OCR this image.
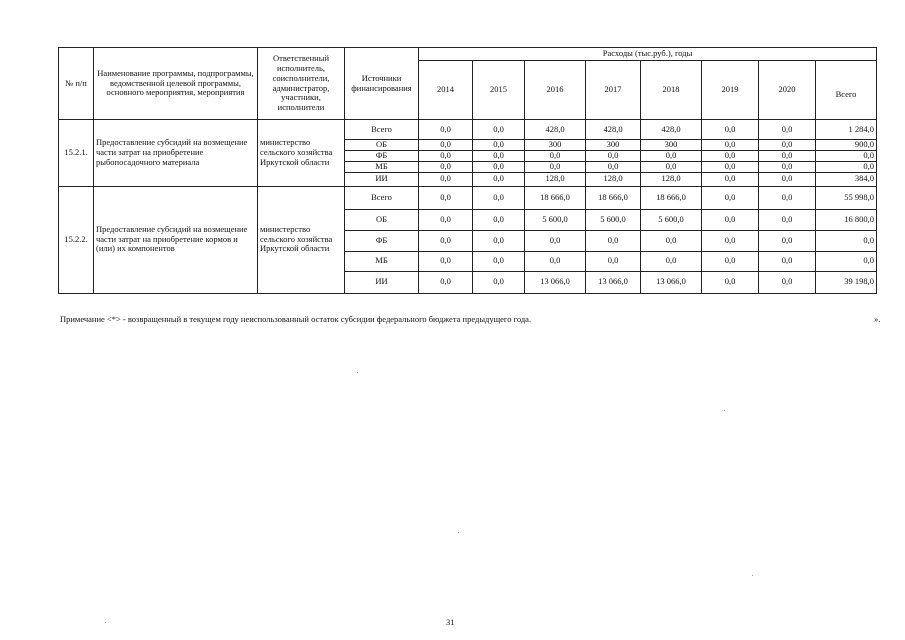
№ п/п	Наименование программы, подпрограммы, ведомственной целевой программы, основного мероприятия, мероприятия	Ответственный исполнитель, соисполнители, администратор, участники, исполнители	Источники финансирования	Расходы (тыс.руб.), годы							
				2014	2015	2016	2017	2018	2019	2020	Всего
15.2.1.	Предоставление субсидий на возмещение части затрат на приобретение рыбопосадочного материала	министерство сельского хозяйства Иркутской области	Всего	0,0	0,0	428,0	428,0	428,0	0,0	0,0	1 284,0
			ОБ	0,0	0,0	300	300	300	0,0	0,0	900,0
			ФБ	0,0	0,0	0,0	0,0	0,0	0,0	0,0	0,0
			МБ	0,0	0,0	0,0	0,0	0,0	0,0	0,0	0,0
			ИИ	0,0	0,0	128,0	128,0	128,0	0,0	0,0	384,0
15.2.2.	Предоставление субсидий на возмещение части затрат на приобретение кормов и (или) их компонентов	министерство сельского хозяйства Иркутской области	Всего	0,0	0,0	18 666,0	18 666,0	18 666,0	0,0	0,0	55 998,0
			ОБ	0,0	0,0	5 600,0	5 600,0	5 600,0	0,0	0,0	16 800,0
			ФБ	0,0	0,0	0,0	0,0	0,0	0,0	0,0	0,0
			МБ	0,0	0,0	0,0	0,0	0,0	0,0	0,0	0,0
			ИИ	0,0	0,0	13 066,0	13 066,0	13 066,0	0,0	0,0	39 198,0
Примечание <*> - возвращенный в текущем году неиспользованный остаток субсидии федерального бюджета предыдущего года.	».
31
